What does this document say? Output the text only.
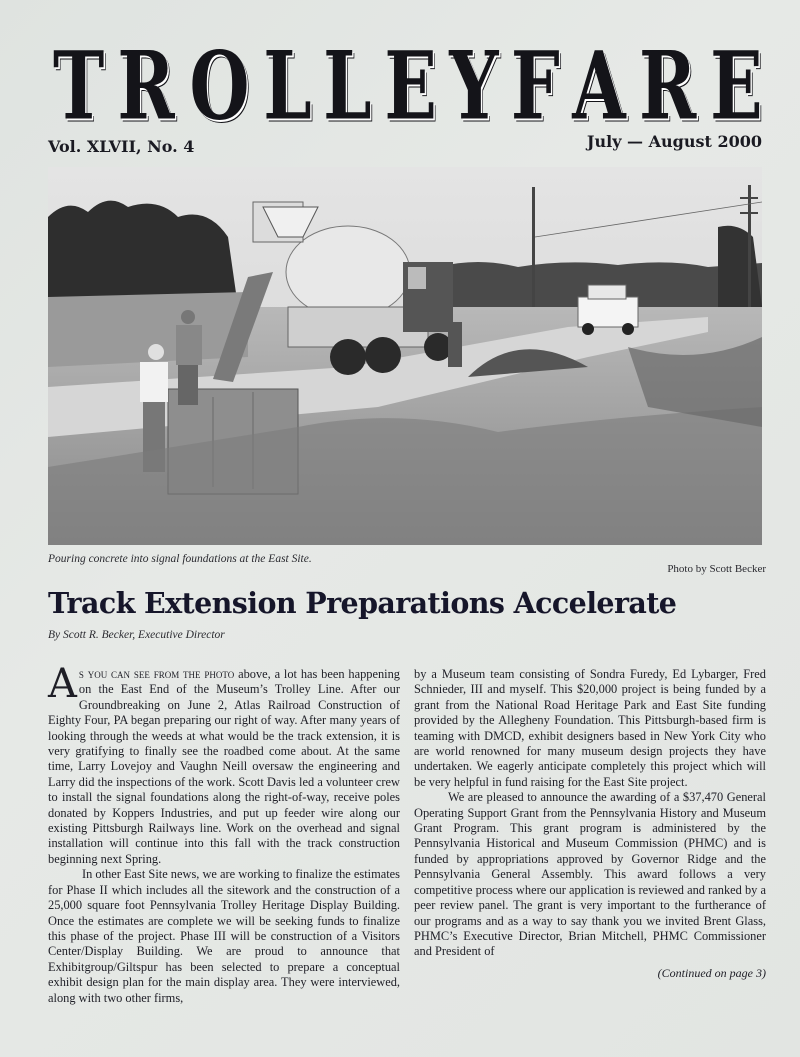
T R O L L E Y F A R E
Vol. XLVII, No. 4	July — August 2000
Pouring concrete into signal foundations at the East Site.
Photo by Scott Becker
Track Extension Preparations Accelerate
By Scott R. Becker, Executive Director

As you can see from the photo above, a lot has been happening on the East End of the Museum’s Trolley Line. After our Groundbreaking on June 2, Atlas Railroad Construction of Eighty Four, PA began preparing our right of way. After many years of looking through the weeds at what would be the track extension, it is very gratifying to finally see the roadbed come about. At the same time, Larry Lovejoy and Vaughn Neill oversaw the engineering and Larry did the inspections of the work. Scott Davis led a volunteer crew to install the signal foundations along the right-of-way, receive poles donated by Koppers Industries, and put up feeder wire along our existing Pittsburgh Railways line. Work on the overhead and signal installation will continue into this fall with the track construction beginning next Spring.

In other East Site news, we are working to finalize the estimates for Phase II which includes all the sitework and the construction of a 25,000 square foot Pennsylvania Trolley Heritage Display Building. Once the estimates are complete we will be seeking funds to finalize this phase of the project. Phase III will be construction of a Visitors Center/Display Building. We are proud to announce that Exhibitgroup/Giltspur has been selected to prepare a conceptual exhibit design plan for the main display area. They were interviewed, along with two other firms,

by a Museum team consisting of Sondra Furedy, Ed Lybarger, Fred Schnieder, III and myself. This $20,000 project is being funded by a grant from the National Road Heritage Park and East Site funding provided by the Allegheny Foundation. This Pittsburgh-based firm is teaming with DMCD, exhibit designers based in New York City who are world renowned for many museum design projects they have undertaken. We eagerly anticipate completely this project which will be very helpful in fund raising for the East Site project.

We are pleased to announce the awarding of a $37,470 General Operating Support Grant from the Pennsylvania History and Museum Grant Program. This grant program is administered by the Pennsylvania Historical and Museum Commission (PHMC) and is funded by appropriations approved by Governor Ridge and the Pennsylvania General Assembly. This award follows a very competitive process where our application is reviewed and ranked by a peer review panel. The grant is very important to the furtherance of our programs and as a way to say thank you we invited Brent Glass, PHMC’s Executive Director, Brian Mitchell, PHMC Commissioner and President of

(Continued on page 3)
